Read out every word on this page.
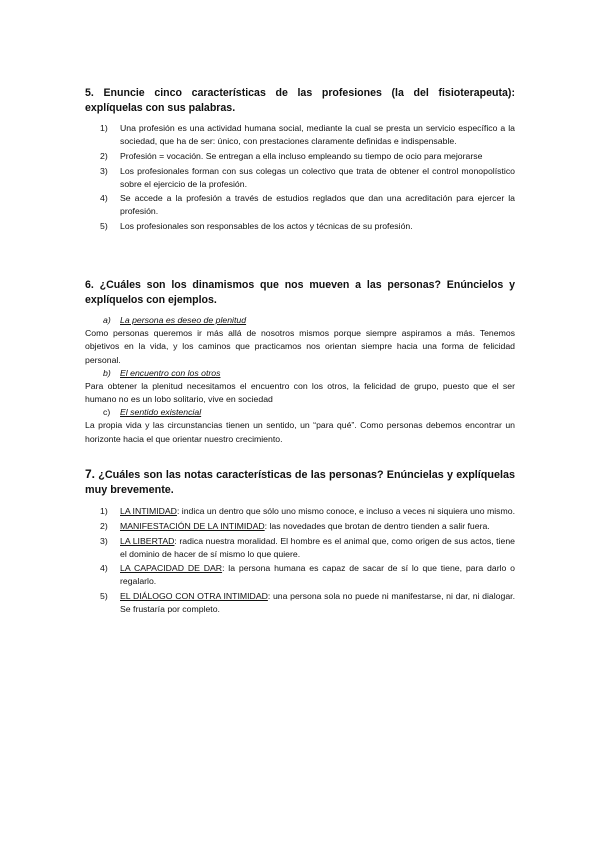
5. Enuncie cinco características de las profesiones (la del fisioterapeuta): explíquelas con sus palabras.
1) Una profesión es una actividad humana social, mediante la cual se presta un servicio específico a la sociedad, que ha de ser: único, con prestaciones claramente definidas e indispensable.
2) Profesión = vocación. Se entregan a ella incluso empleando su tiempo de ocio para mejorarse
3) Los profesionales forman con sus colegas un colectivo que trata de obtener el control monopolístico sobre el ejercicio de la profesión.
4) Se accede a la profesión a través de estudios reglados que dan una acreditación para ejercer la profesión.
5) Los profesionales son responsables de los actos y técnicas de su profesión.
6. ¿Cuáles son los dinamismos que nos mueven a las personas? Enúncielos y explíquelos con ejemplos.
a) La persona es deseo de plenitud
Como personas queremos ir más allá de nosotros mismos porque siempre aspiramos a más. Tenemos objetivos en la vida, y los caminos que practicamos nos orientan siempre hacia una forma de felicidad personal.
b) El encuentro con los otros
Para obtener la plenitud necesitamos el encuentro con los otros, la felicidad de grupo, puesto que el ser humano no es un lobo solitario, vive en sociedad
c) El sentido existencial
La propia vida y las circunstancias tienen un sentido, un “para qué”. Como personas debemos encontrar un horizonte hacia el que orientar nuestro crecimiento.
7. ¿Cuáles son las notas características de las personas? Enúncielas y explíquelas muy brevemente.
1) LA INTIMIDAD: indica un dentro que sólo uno mismo conoce, e incluso a veces ni siquiera uno mismo.
2) MANIFESTACIÓN DE LA INTIMIDAD: las novedades que brotan de dentro tienden a salir fuera.
3) LA LIBERTAD: radica nuestra moralidad. El hombre es el animal que, como origen de sus actos, tiene el dominio de hacer de sí mismo lo que quiere.
4) LA CAPACIDAD DE DAR: la persona humana es capaz de sacar de sí lo que tiene, para darlo o regalarlo.
5) EL DIÁLOGO CON OTRA INTIMIDAD: una persona sola no puede ni manifestarse, ni dar, ni dialogar. Se frustaría por completo.
